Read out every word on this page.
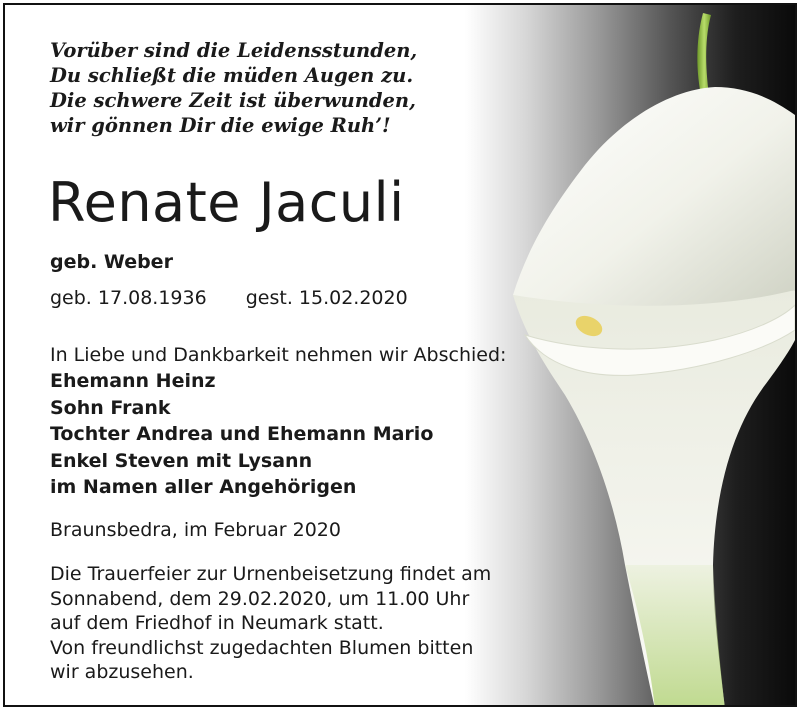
Vorüber sind die Leidensstunden,
Du schließt die müden Augen zu.
Die schwere Zeit ist überwunden,
wir gönnen Dir die ewige Ruh’!
Renate Jaculi
geb. Weber
geb. 17.08.1936 gest. 15.02.2020
In Liebe und Dankbarkeit nehmen wir Abschied:
Ehemann Heinz
Sohn Frank
Tochter Andrea und Ehemann Mario
Enkel Steven mit Lysann
im Namen aller Angehörigen
Braunsbedra, im Februar 2020
Die Trauerfeier zur Urnenbeisetzung findet am
Sonnabend, dem 29.02.2020, um 11.00 Uhr
auf dem Friedhof in Neumark statt.
Von freundlichst zugedachten Blumen bitten
wir abzusehen.
